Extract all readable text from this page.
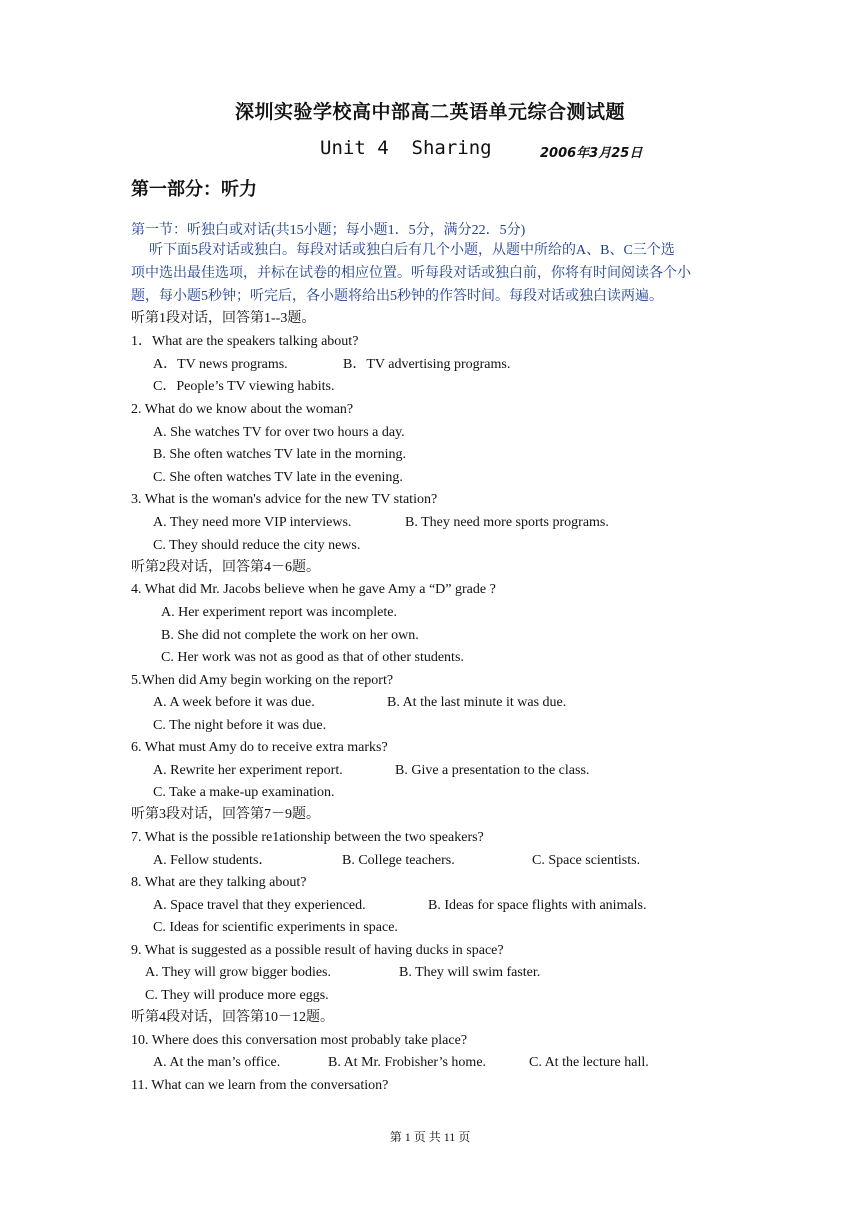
深圳实验学校高中部高二英语单元综合测试题
Unit 4  Sharing	2006年3月25日
第一部分：听力
第一节：听独白或对话(共15小题；每小题1．5分，满分22．5分)
听下面5段对话或独白。每段对话或独白后有几个小题，从题中所给的A、B、C三个选
项中选出最佳选项，并标在试卷的相应位置。听每段对话或独白前，你将有时间阅读各个小
题，每小题5秒钟；听完后，各小题将给出5秒钟的作答时间。每段对话或独白读两遍。
听第1段对话，回答第1--3题。
1．What are the speakers talking about?
A．TV news programs.	B．TV advertising programs.
C．People’s TV viewing habits.
2. What do we know about the woman?
A. She watches TV for over two hours a day.
B. She often watches TV late in the morning.
C. She often watches TV late in the evening.
3. What is the woman's advice for the new TV station?
A. They need more VIP interviews.	B. They need more sports programs.
C. They should reduce the city news.
听第2段对话，回答第4－6题。
4. What did Mr. Jacobs believe when he gave Amy a “D” grade ?
A. Her experiment report was incomplete.
B. She did not complete the work on her own.
C. Her work was not as good as that of other students.
5.When did Amy begin working on the report?
A. A week before it was due.	B. At the last minute it was due.
C. The night before it was due.
6. What must Amy do to receive extra marks?
A. Rewrite her experiment report.	B. Give a presentation to the class.
C. Take a make-up examination.
听第3段对话，回答第7－9题。
7. What is the possible re1ationship between the two speakers?
A. Fellow students．	B. College teachers.	C. Space scientists.
8. What are they talking about?
A. Space travel that they experienced.	B. Ideas for space flights with animals.
C. Ideas for scientific experiments in space.
9. What is suggested as a possible result of having ducks in space?
A. They will grow bigger bodies.	B. They will swim faster.
C. They will produce more eggs.
听第4段对话，回答第10－12题。
10. Where does this conversation most probably take place?
A. At the man’s office.	B. At Mr. Frobisher’s home.	C. At the lecture hall.
11. What can we learn from the conversation?
第 1 页 共 11 页
